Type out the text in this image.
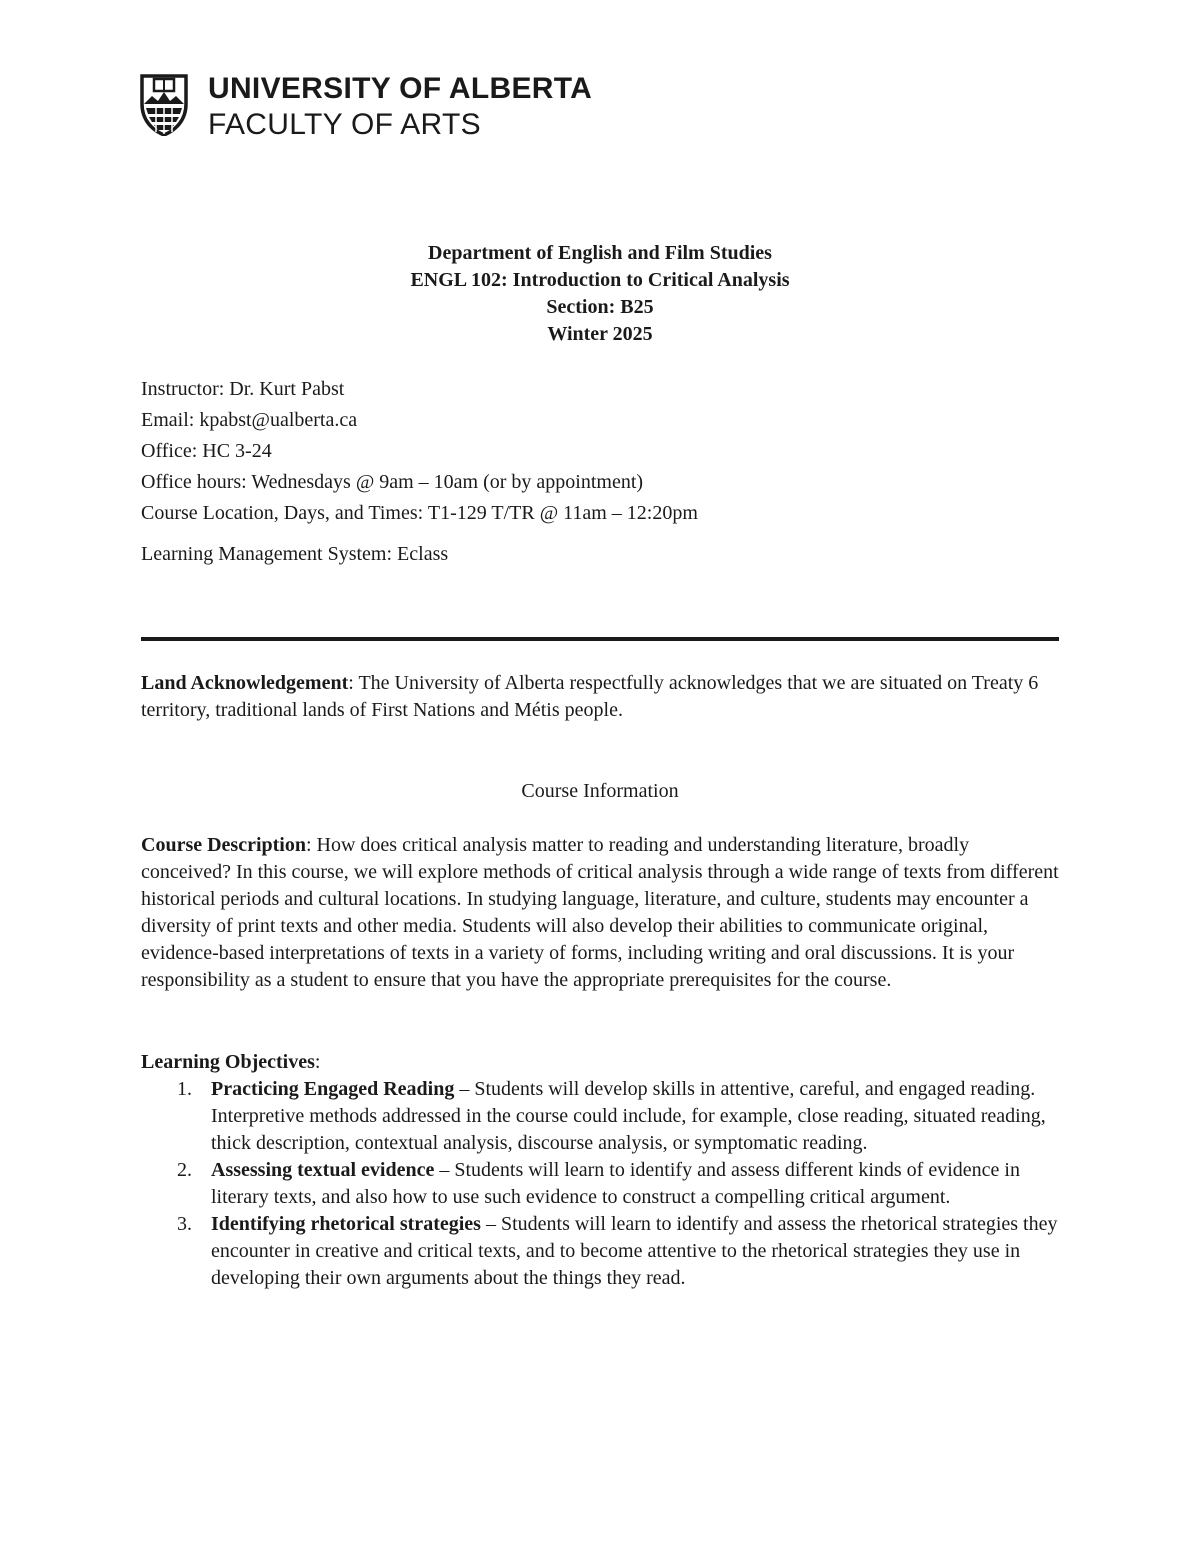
UNIVERSITY OF ALBERTA
FACULTY OF ARTS
Department of English and Film Studies
ENGL 102: Introduction to Critical Analysis
Section: B25
Winter 2025
Instructor: Dr. Kurt Pabst
Email: kpabst@ualberta.ca
Office: HC 3-24
Office hours: Wednesdays @ 9am – 10am (or by appointment)
Course Location, Days, and Times: T1-129 T/TR @ 11am – 12:20pm
Learning Management System: Eclass
Land Acknowledgement: The University of Alberta respectfully acknowledges that we are situated on Treaty 6 territory, traditional lands of First Nations and Métis people.
Course Information
Course Description: How does critical analysis matter to reading and understanding literature, broadly conceived? In this course, we will explore methods of critical analysis through a wide range of texts from different historical periods and cultural locations. In studying language, literature, and culture, students may encounter a diversity of print texts and other media. Students will also develop their abilities to communicate original, evidence-based interpretations of texts in a variety of forms, including writing and oral discussions. It is your responsibility as a student to ensure that you have the appropriate prerequisites for the course.
Learning Objectives:
1. Practicing Engaged Reading – Students will develop skills in attentive, careful, and engaged reading. Interpretive methods addressed in the course could include, for example, close reading, situated reading, thick description, contextual analysis, discourse analysis, or symptomatic reading.
2. Assessing textual evidence – Students will learn to identify and assess different kinds of evidence in literary texts, and also how to use such evidence to construct a compelling critical argument.
3. Identifying rhetorical strategies – Students will learn to identify and assess the rhetorical strategies they encounter in creative and critical texts, and to become attentive to the rhetorical strategies they use in developing their own arguments about the things they read.
